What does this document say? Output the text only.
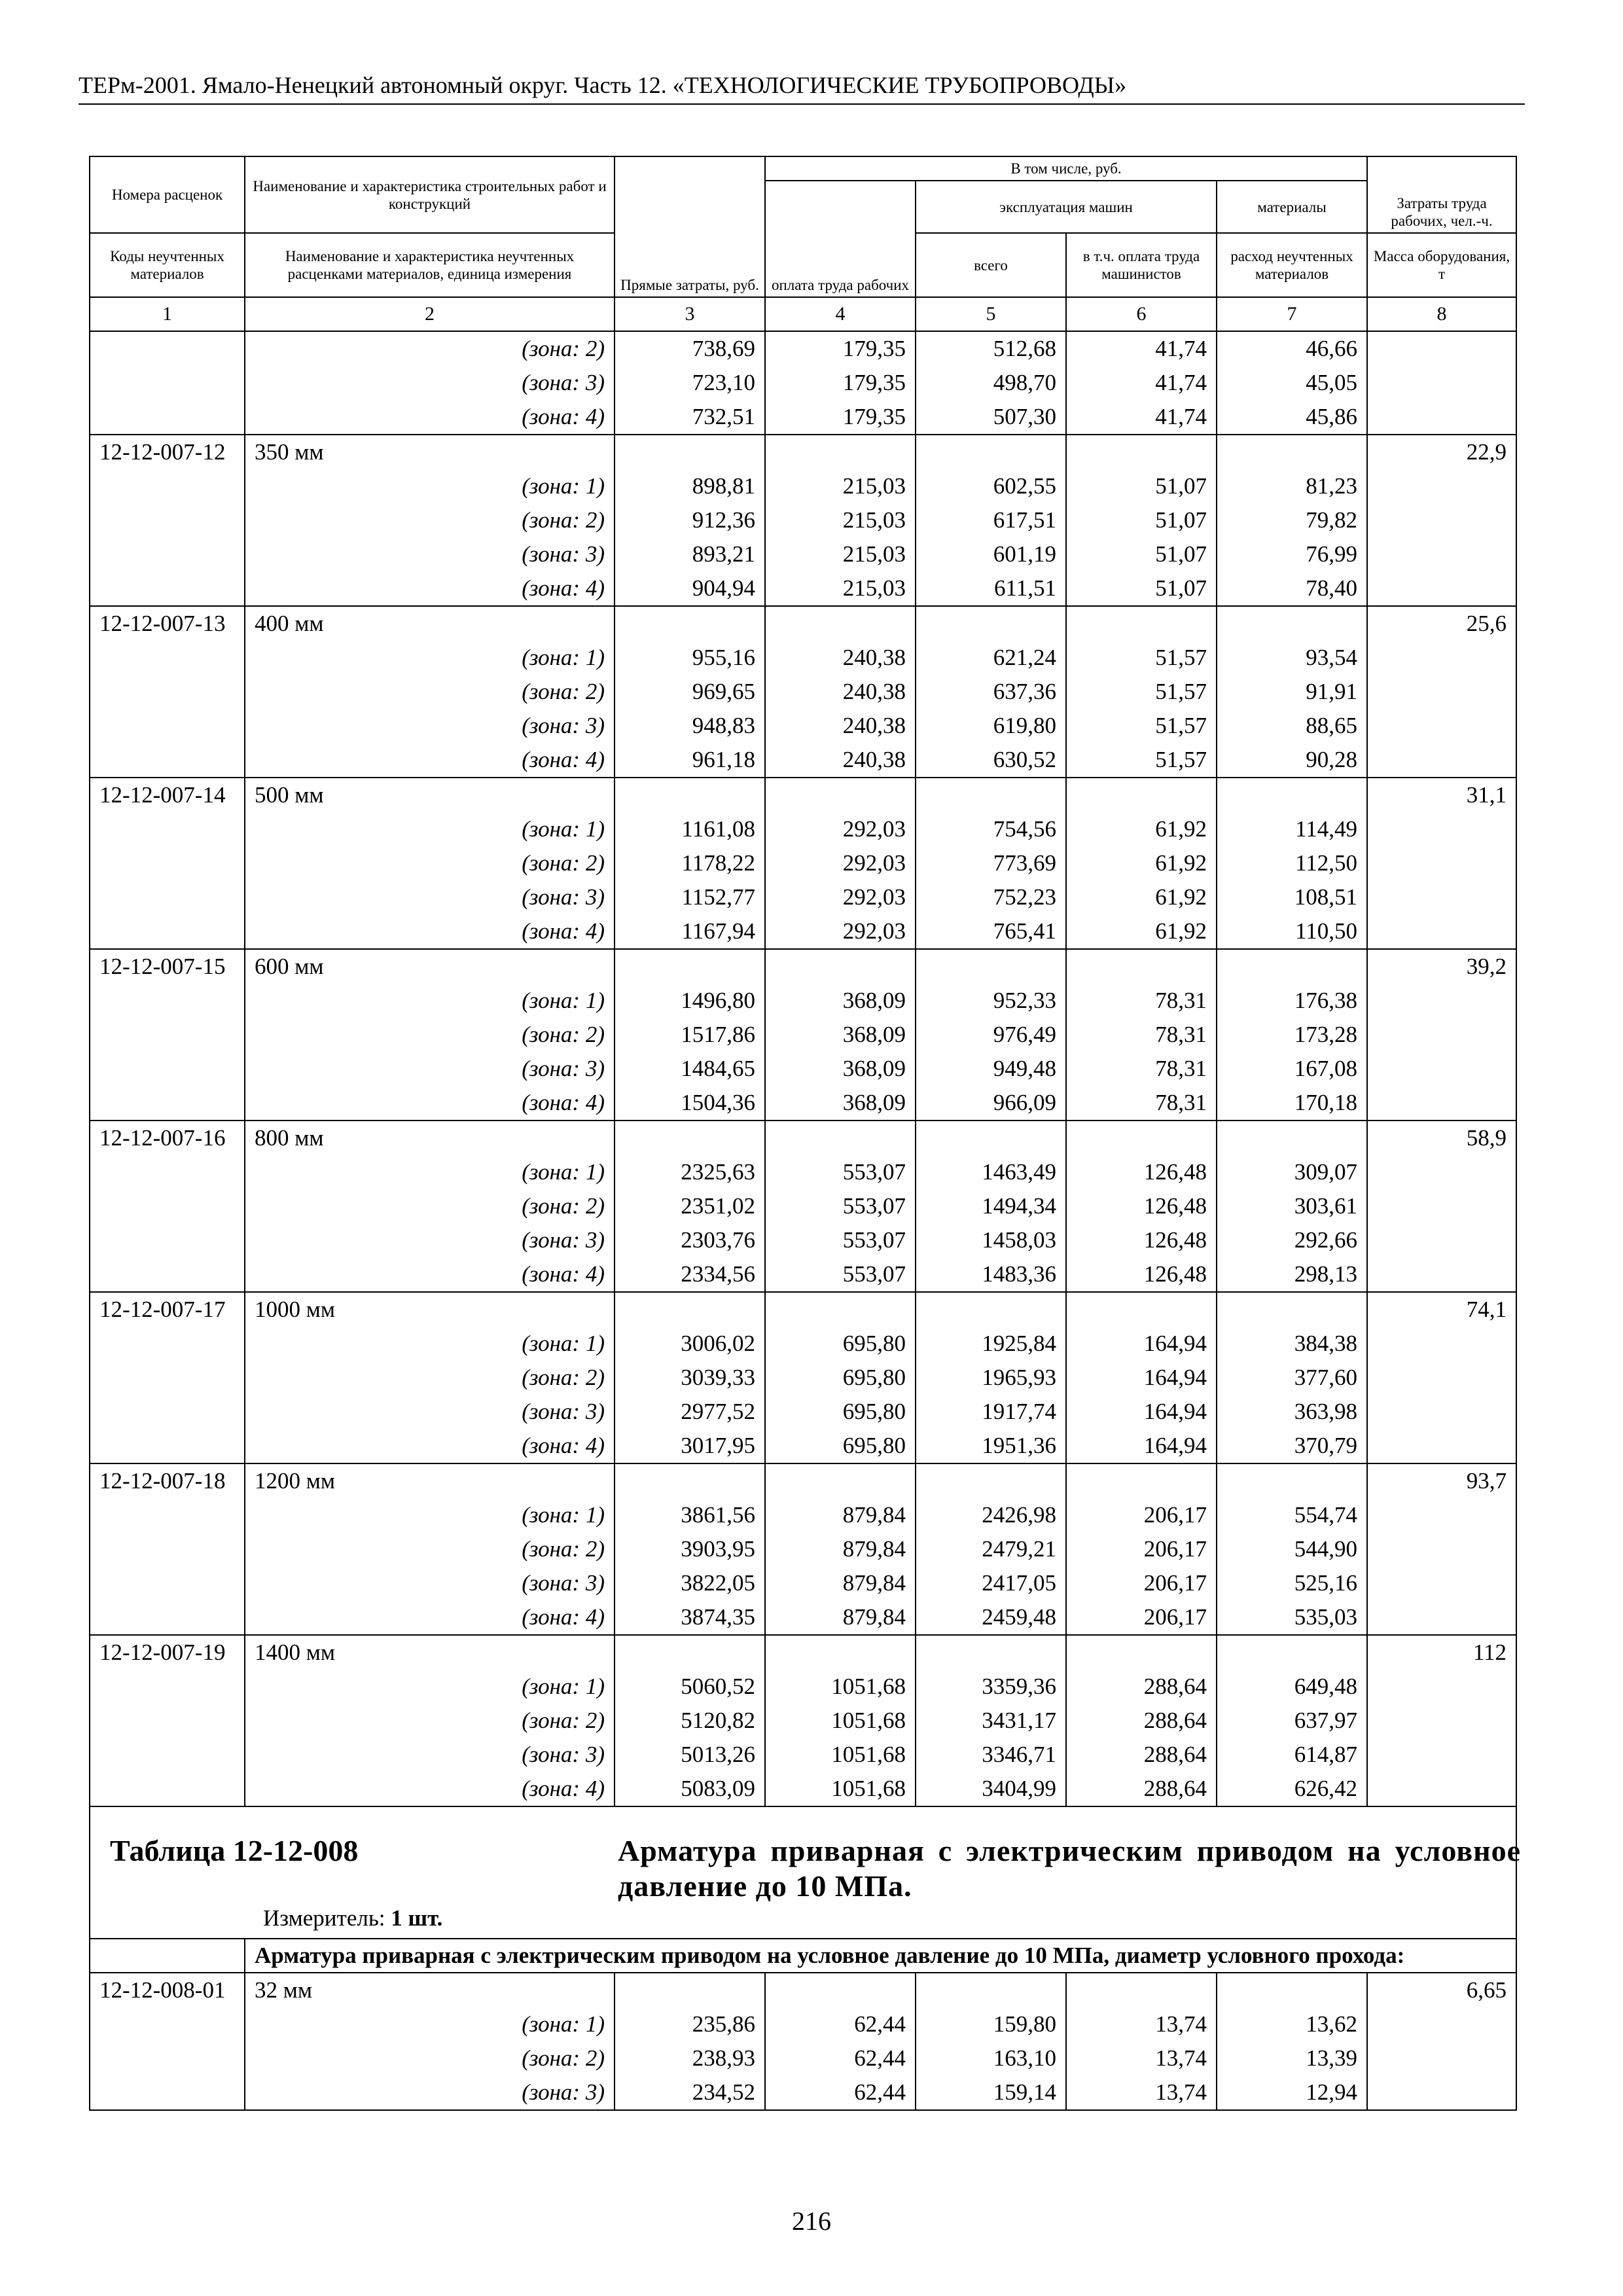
ТЕРм-2001. Ямало-Ненецкий автономный округ. Часть 12. «ТЕХНОЛОГИЧЕСКИЕ ТРУБОПРОВОДЫ»
Номера расценок	Наименование и характеристика строительных работ и конструкций	Прямые затраты, руб.	В том числе, руб.				Затраты труда рабочих, чел.-ч.
			оплата труда рабочих	эксплуатация машин		материалы	
Коды неучтенных материалов	Наименование и характеристика неучтенных расценками материалов, единица измерения			всего	в т.ч. оплата труда машинистов	расход неучтенных материалов	Масса оборудования, т
1	2	3	4	5	6	7	8
	(зона: 2)	738,69	179,35	512,68	41,74	46,66	
	(зона: 3)	723,10	179,35	498,70	41,74	45,05	
	(зона: 4)	732,51	179,35	507,30	41,74	45,86	
12-12-007-12	350 мм						22,9
	(зона: 1)	898,81	215,03	602,55	51,07	81,23	
	(зона: 2)	912,36	215,03	617,51	51,07	79,82	
	(зона: 3)	893,21	215,03	601,19	51,07	76,99	
	(зона: 4)	904,94	215,03	611,51	51,07	78,40	
12-12-007-13	400 мм						25,6
	(зона: 1)	955,16	240,38	621,24	51,57	93,54	
	(зона: 2)	969,65	240,38	637,36	51,57	91,91	
	(зона: 3)	948,83	240,38	619,80	51,57	88,65	
	(зона: 4)	961,18	240,38	630,52	51,57	90,28	
12-12-007-14	500 мм						31,1
	(зона: 1)	1161,08	292,03	754,56	61,92	114,49	
	(зона: 2)	1178,22	292,03	773,69	61,92	112,50	
	(зона: 3)	1152,77	292,03	752,23	61,92	108,51	
	(зона: 4)	1167,94	292,03	765,41	61,92	110,50	
12-12-007-15	600 мм						39,2
	(зона: 1)	1496,80	368,09	952,33	78,31	176,38	
	(зона: 2)	1517,86	368,09	976,49	78,31	173,28	
	(зона: 3)	1484,65	368,09	949,48	78,31	167,08	
	(зона: 4)	1504,36	368,09	966,09	78,31	170,18	
12-12-007-16	800 мм						58,9
	(зона: 1)	2325,63	553,07	1463,49	126,48	309,07	
	(зона: 2)	2351,02	553,07	1494,34	126,48	303,61	
	(зона: 3)	2303,76	553,07	1458,03	126,48	292,66	
	(зона: 4)	2334,56	553,07	1483,36	126,48	298,13	
12-12-007-17	1000 мм						74,1
	(зона: 1)	3006,02	695,80	1925,84	164,94	384,38	
	(зона: 2)	3039,33	695,80	1965,93	164,94	377,60	
	(зона: 3)	2977,52	695,80	1917,74	164,94	363,98	
	(зона: 4)	3017,95	695,80	1951,36	164,94	370,79	
12-12-007-18	1200 мм						93,7
	(зона: 1)	3861,56	879,84	2426,98	206,17	554,74	
	(зона: 2)	3903,95	879,84	2479,21	206,17	544,90	
	(зона: 3)	3822,05	879,84	2417,05	206,17	525,16	
	(зона: 4)	3874,35	879,84	2459,48	206,17	535,03	
12-12-007-19	1400 мм						112
	(зона: 1)	5060,52	1051,68	3359,36	288,64	649,48	
	(зона: 2)	5120,82	1051,68	3431,17	288,64	637,97	
	(зона: 3)	5013,26	1051,68	3346,71	288,64	614,87	
	(зона: 4)	5083,09	1051,68	3404,99	288,64	626,42	

Таблица 12-12-008 Арматура приварная с электрическим приводом на условное давление до 10 МПа.
Измеритель: 1 шт.							

	Арматура приварная с электрическим приводом на условное давление до 10 МПа, диаметр условного прохода:						
12-12-008-01	32 мм						6,65
	(зона: 1)	235,86	62,44	159,80	13,74	13,62	
	(зона: 2)	238,93	62,44	163,10	13,74	13,39	
	(зона: 3)	234,52	62,44	159,14	13,74	12,94	
216
